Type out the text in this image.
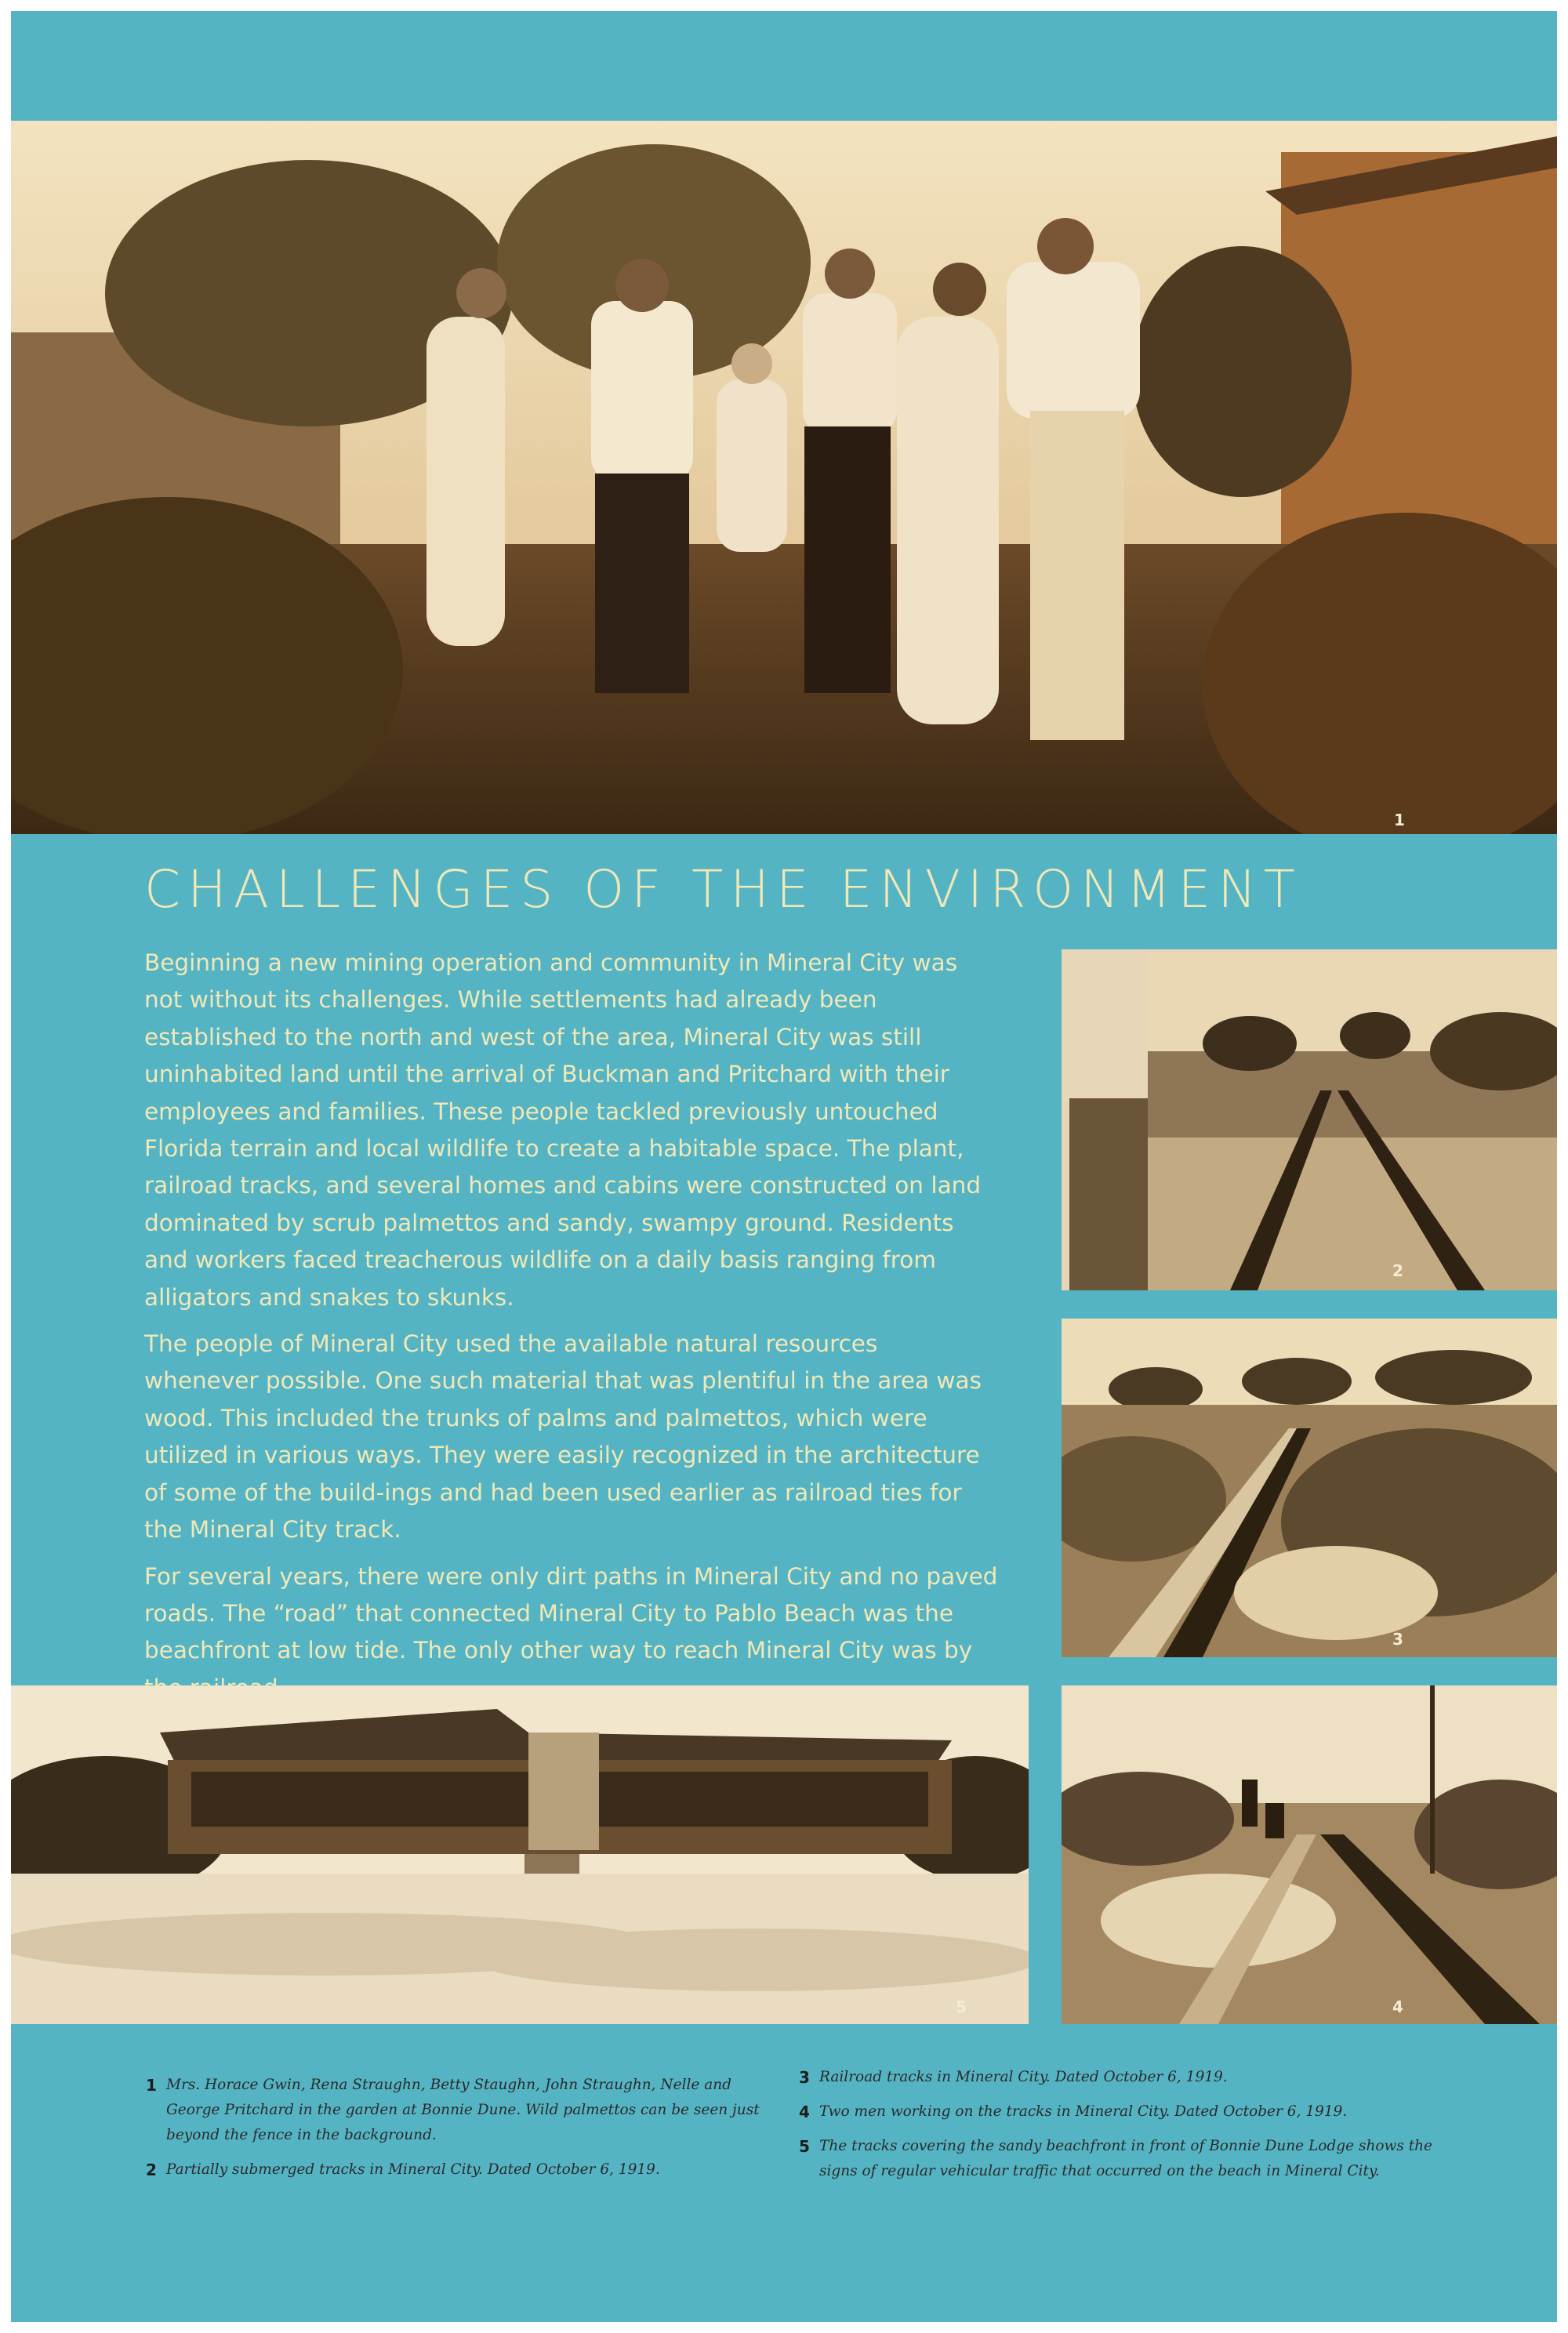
1
CHALLENGES OF THE ENVIRONMENT

Beginning a new mining operation and community in Mineral City was not without its challenges. While settlements had already been established to the north and west of the area, Mineral City was still uninhabited land until the arrival of Buckman and Pritchard with their employees and families. These people tackled previously untouched Florida terrain and local wildlife to create a habitable space. The plant, railroad tracks, and several homes and cabins were constructed on land dominated by scrub palmettos and sandy, swampy ground. Residents and workers faced treacherous wildlife on a daily basis ranging from alligators and snakes to skunks.

The people of Mineral City used the available natural resources whenever possible. One such material that was plentiful in the area was wood. This included the trunks of palms and palmettos, which were utilized in various ways. They were easily recognized in the architecture of some of the build-ings and had been used earlier as railroad ties for the Mineral City track.

For several years, there were only dirt paths in Mineral City and no paved roads. The “road” that connected Mineral City to Pablo Beach was the beachfront at low tide. The only other way to reach Mineral City was by

2
3
5	4
1 Mrs. Horace Gwin, Rena Straughn, Betty Staughn, John Straughn, Nelle and George Pritchard in the garden at Bonnie Dune. Wild palmettos can be seen just beyond the fence in the background.
2 Partially submerged tracks in Mineral City. Dated October 6, 1919.
3 Railroad tracks in Mineral City. Dated October 6, 1919.
4 Two men working on the tracks in Mineral City. Dated October 6, 1919.
5 The tracks covering the sandy beachfront in front of Bonnie Dune Lodge shows the signs of regular vehicular traffic that occurred on the beach in Mineral City.
